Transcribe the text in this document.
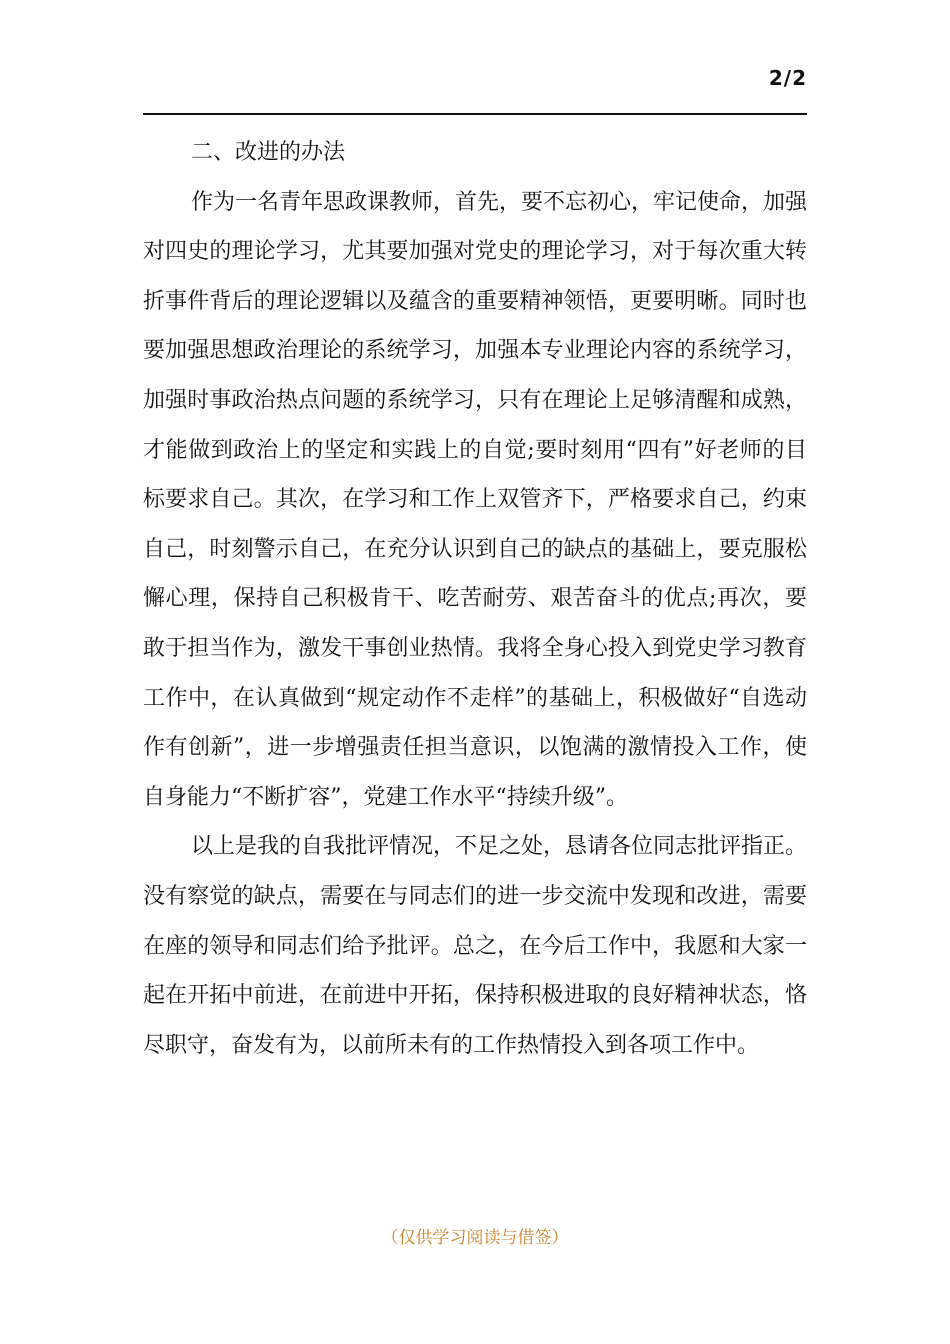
2/2

二、改进的办法

作为一名青年思政课教师，首先，要不忘初心，牢记使命，加强对四史的理论学习，尤其要加强对党史的理论学习，对于每次重大转折事件背后的理论逻辑以及蕴含的重要精神领悟，更要明晰。同时也要加强思想政治理论的系统学习，加强本专业理论内容的系统学习，加强时事政治热点问题的系统学习，只有在理论上足够清醒和成熟，才能做到政治上的坚定和实践上的自觉;要时刻用“四有”好老师的目标要求自己。其次，在学习和工作上双管齐下，严格要求自己，约束自己，时刻警示自己，在充分认识到自己的缺点的基础上，要克服松懈心理，保持自己积极肯干、吃苦耐劳、艰苦奋斗的优点;再次，要敢于担当作为，激发干事创业热情。我将全身心投入到党史学习教育工作中，在认真做到“规定动作不走样”的基础上，积极做好“自选动作有创新”，进一步增强责任担当意识，以饱满的激情投入工作，使自身能力“不断扩容”，党建工作水平“持续升级”。

以上是我的自我批评情况，不足之处，恳请各位同志批评指正。没有察觉的缺点，需要在与同志们的进一步交流中发现和改进，需要在座的领导和同志们给予批评。总之，在今后工作中，我愿和大家一起在开拓中前进，在前进中开拓，保持积极进取的良好精神状态，恪尽职守，奋发有为，以前所未有的工作热情投入到各项工作中。

（仅供学习阅读与借签）
